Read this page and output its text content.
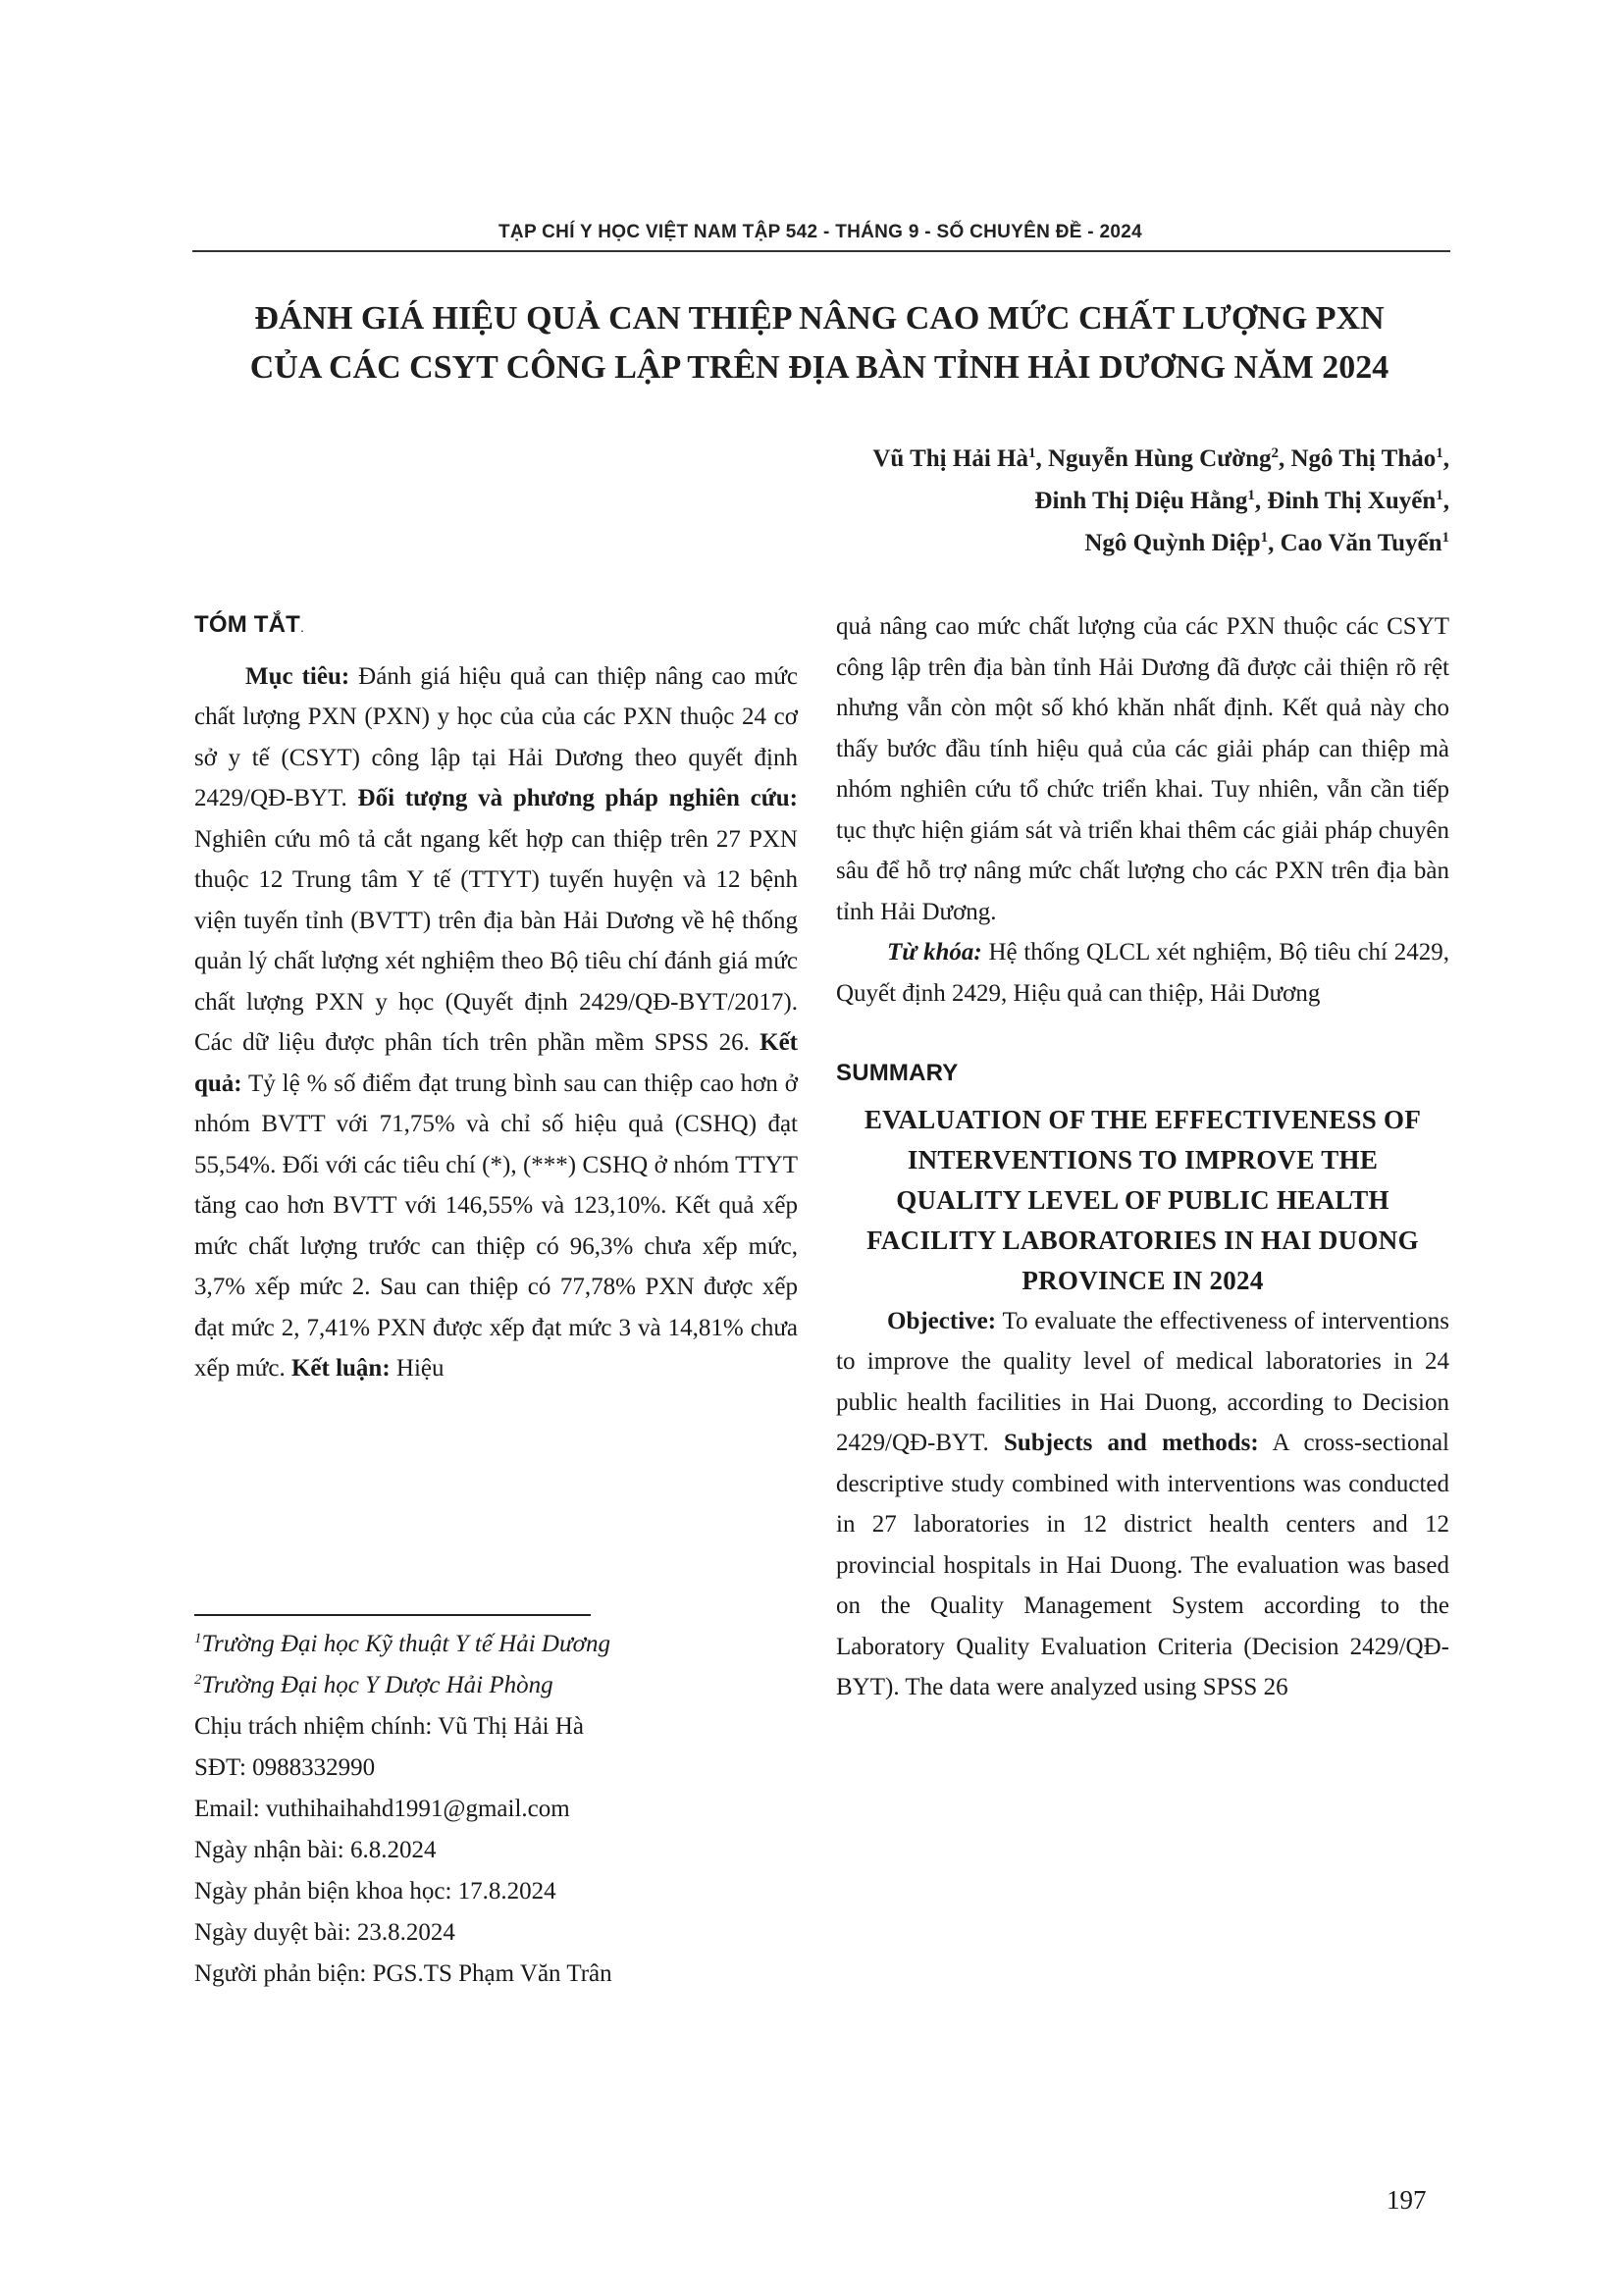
TẠP CHÍ Y HỌC VIỆT NAM TẬP 542 - THÁNG 9 - SỐ CHUYÊN ĐỀ - 2024
ĐÁNH GIÁ HIỆU QUẢ CAN THIỆP NÂNG CAO MỨC CHẤT LƯỢNG PXN
CỦA CÁC CSYT CÔNG LẬP TRÊN ĐỊA BÀN TỈNH HẢI DƯƠNG NĂM 2024
Vũ Thị Hải $Hà^1$, Nguyễn Hùng Cường$^2$, Ngô Thị Thảo$^1$,
Đinh Thị Diệu Hằng$^1$, Đinh Thị Xuyến$^1$,
Ngô Quỳnh Diệp$^1$, Cao Văn Tuyến$^1$
TÓM TẮT.

Mục tiêu: Đánh giá hiệu quả can thiệp nâng cao mức chất lượng PXN (PXN) y học của của các PXN thuộc 24 cơ sở y tế (CSYT) công lập tại Hải Dương theo quyết định 2429/QĐ-BYT. Đối tượng và phương pháp nghiên cứu: Nghiên cứu mô tả cắt ngang kết hợp can thiệp trên 27 PXN thuộc 12 Trung tâm Y tế (TTYT) tuyến huyện và 12 bệnh viện tuyến tỉnh (BVTT) trên địa bàn Hải Dương về hệ thống quản lý chất lượng xét nghiệm theo Bộ tiêu chí đánh giá mức chất lượng PXN y học (Quyết định 2429/QĐ-BYT/2017). Các dữ liệu được phân tích trên phần mềm SPSS 26. Kết quả: Tỷ lệ % số điểm đạt trung bình sau can thiệp cao hơn ở nhóm BVTT với 71,75% và chỉ số hiệu quả (CSHQ) đạt 55,54%. Đối với các tiêu chí (*), (***) CSHQ ở nhóm TTYT tăng cao hơn BVTT với 146,55% và 123,10%. Kết quả xếp mức chất lượng trước can thiệp có 96,3% chưa xếp mức, 3,7% xếp mức 2. Sau can thiệp có 77,78% PXN được xếp đạt mức 2, 7,41% PXN được xếp đạt mức 3 và 14,81% chưa xếp mức. Kết luận: Hiệu

quả nâng cao mức chất lượng của các PXN thuộc các CSYT công lập trên địa bàn tỉnh Hải Dương đã được cải thiện rõ rệt nhưng vẫn còn một số khó khăn nhất định. Kết quả này cho thấy bước đầu tính hiệu quả của các giải pháp can thiệp mà nhóm nghiên cứu tổ chức triển khai. Tuy nhiên, vẫn cần tiếp tục thực hiện giám sát và triển khai thêm các giải pháp chuyên sâu để hỗ trợ nâng mức chất lượng cho các PXN trên địa bàn tỉnh Hải Dương.

Từ khóa: Hệ thống QLCL xét nghiệm, Bộ tiêu chí 2429, Quyết định 2429, Hiệu quả can thiệp, Hải Dương

SUMMARY
EVALUATION OF THE EFFECTIVENESS OF INTERVENTIONS TO IMPROVE THE QUALITY LEVEL OF PUBLIC HEALTH FACILITY LABORATORIES IN HAI DUONG PROVINCE IN 2024

Objective: To evaluate the effectiveness of interventions to improve the quality level of medical laboratories in 24 public health facilities in Hai Duong, according to Decision 2429/QĐ-BYT. Subjects and methods: A cross-sectional descriptive study combined with interventions was conducted in 27 laboratories in 12 district health centers and 12 provincial hospitals in Hai Duong. The evaluation was based on the Quality Management System according to the Laboratory Quality Evaluation Criteria (Decision 2429/QĐ-BYT). The data were analyzed using SPSS 26

$^1$Trường Đại học Kỹ thuật Y tế Hải Dương
$^2$Trường Đại học Y Dược Hải Phòng
Chịu trách nhiệm chính: Vũ Thị Hải Hà
SĐT: 0988332990
Email: vuthihaihahd1991@gmail.com
Ngày nhận bài: 6.8.2024
Ngày phản biện khoa học: 17.8.2024
Ngày duyệt bài: 23.8.2024
Người phản biện: PGS.TS Phạm Văn Trân
197
